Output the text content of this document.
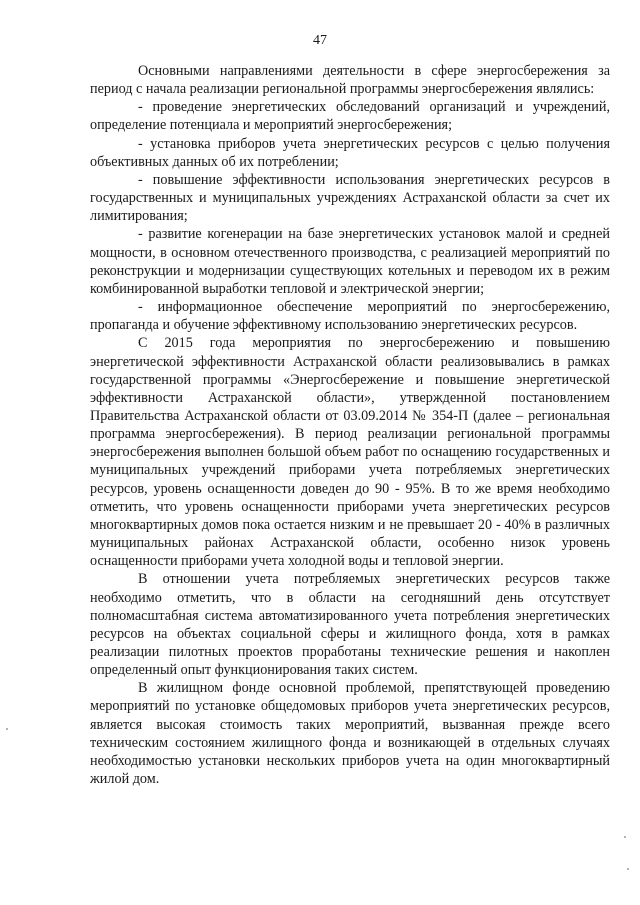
47

Основными направлениями деятельности в сфере энергосбережения за период с начала реализации региональной программы энергосбережения являлись:

- проведение энергетических обследований организаций и учреждений, определение потенциала и мероприятий энергосбережения;

- установка приборов учета энергетических ресурсов с целью получения объективных данных об их потреблении;

- повышение эффективности использования энергетических ресурсов в государственных и муниципальных учреждениях Астраханской области за счет их лимитирования;

- развитие когенерации на базе энергетических установок малой и средней мощности, в основном отечественного производства, с реализацией мероприятий по реконструкции и модернизации существующих котельных и переводом их в режим комбинированной выработки тепловой и электрической энергии;

- информационное обеспечение мероприятий по энергосбережению, пропаганда и обучение эффективному использованию энергетических ресурсов.

С 2015 года мероприятия по энергосбережению и повышению энергетической эффективности Астраханской области реализовывались в рамках государственной программы «Энергосбережение и повышение энергетической эффективности Астраханской области», утвержденной постановлением Правительства Астраханской области от 03.09.2014 № 354-П (далее – региональная программа энергосбережения). В период реализации региональной программы энергосбережения выполнен большой объем работ по оснащению государственных и муниципальных учреждений приборами учета потребляемых энергетических ресурсов, уровень оснащенности доведен до 90 - 95%. В то же время необходимо отметить, что уровень оснащенности приборами учета энергетических ресурсов многоквартирных домов пока остается низким и не превышает 20 - 40% в различных муниципальных районах Астраханской области, особенно низок уровень оснащенности приборами учета холодной воды и тепловой энергии.

В отношении учета потребляемых энергетических ресурсов также необходимо отметить, что в области на сегодняшний день отсутствует полномасштабная система автоматизированного учета потребления энергетических ресурсов на объектах социальной сферы и жилищного фонда, хотя в рамках реализации пилотных проектов проработаны технические решения и накоплен определенный опыт функционирования таких систем.

В жилищном фонде основной проблемой, препятствующей проведению мероприятий по установке общедомовых приборов учета энергетических ресурсов, является высокая стоимость таких мероприятий, вызванная прежде всего техническим состоянием жилищного фонда и возникающей в отдельных случаях необходимостью установки нескольких приборов учета на один многоквартирный жилой дом.
